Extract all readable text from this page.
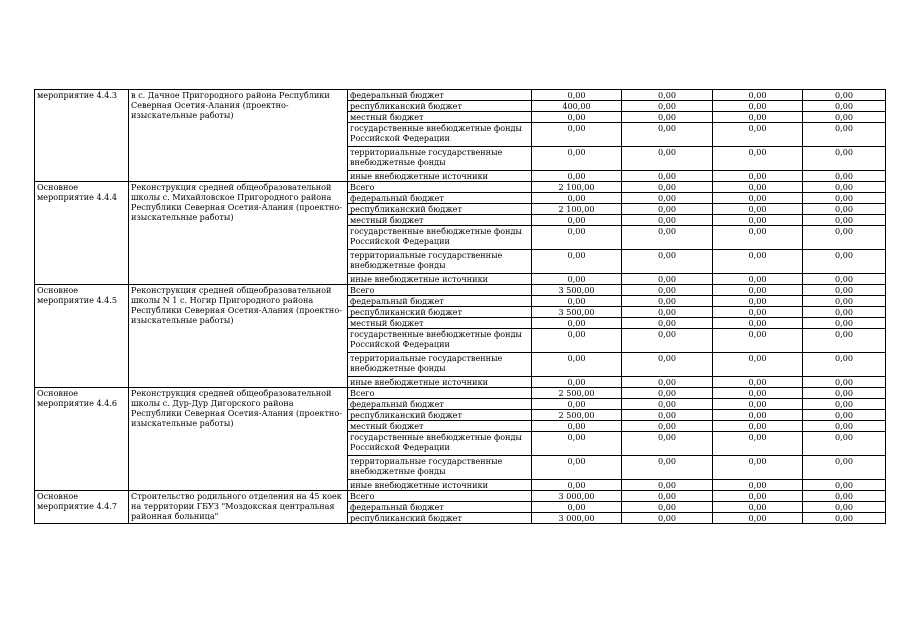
мероприятие 4.4.3	в с. Дачное Пригородного района Республики Северная Осетия-Алания (проектно-изыскательные работы)	федеральный бюджет	0,00	0,00	0,00	0,00
		республиканский бюджет	400,00	0,00	0,00	0,00
		местный бюджет	0,00	0,00	0,00	0,00
		государственные внебюджетные фонды Российской Федерации	0,00	0,00	0,00	0,00
		территориальные государственные внебюджетные фонды	0,00	0,00	0,00	0,00
		иные внебюджетные источники	0,00	0,00	0,00	0,00
Основное мероприятие 4.4.4	Реконструкция средней общеобразовательной школы с. Михайловское Пригородного района Республики Северная Осетия-Алания (проектно-изыскательные работы)	Всего	2 100,00	0,00	0,00	0,00
		федеральный бюджет	0,00	0,00	0,00	0,00
		республиканский бюджет	2 100,00	0,00	0,00	0,00
		местный бюджет	0,00	0,00	0,00	0,00
		государственные внебюджетные фонды Российской Федерации	0,00	0,00	0,00	0,00
		территориальные государственные внебюджетные фонды	0,00	0,00	0,00	0,00
		иные внебюджетные источники	0,00	0,00	0,00	0,00
Основное мероприятие 4.4.5	Реконструкция средней общеобразовательной школы N 1 с. Ногир Пригородного района Республики Северная Осетия-Алания (проектно-изыскательные работы)	Всего	3 500,00	0,00	0,00	0,00
		федеральный бюджет	0,00	0,00	0,00	0,00
		республиканский бюджет	3 500,00	0,00	0,00	0,00
		местный бюджет	0,00	0,00	0,00	0,00
		государственные внебюджетные фонды Российской Федерации	0,00	0,00	0,00	0,00
		территориальные государственные внебюджетные фонды	0,00	0,00	0,00	0,00
		иные внебюджетные источники	0,00	0,00	0,00	0,00
Основное мероприятие 4.4.6	Реконструкция средней общеобразовательной школы с. Дур-Дур Дигорского района Республики Северная Осетия-Алания (проектно-изыскательные работы)	Всего	2 500,00	0,00	0,00	0,00
		федеральный бюджет	0,00	0,00	0,00	0,00
		республиканский бюджет	2 500,00	0,00	0,00	0,00
		местный бюджет	0,00	0,00	0,00	0,00
		государственные внебюджетные фонды Российской Федерации	0,00	0,00	0,00	0,00
		территориальные государственные внебюджетные фонды	0,00	0,00	0,00	0,00
		иные внебюджетные источники	0,00	0,00	0,00	0,00
Основное мероприятие 4.4.7	Строительство родильного отделения на 45 коек на территории ГБУЗ "Моздокская центральная районная больница"	Всего	3 000,00	0,00	0,00	0,00
		федеральный бюджет	0,00	0,00	0,00	0,00
		республиканский бюджет	3 000,00	0,00	0,00	0,00
